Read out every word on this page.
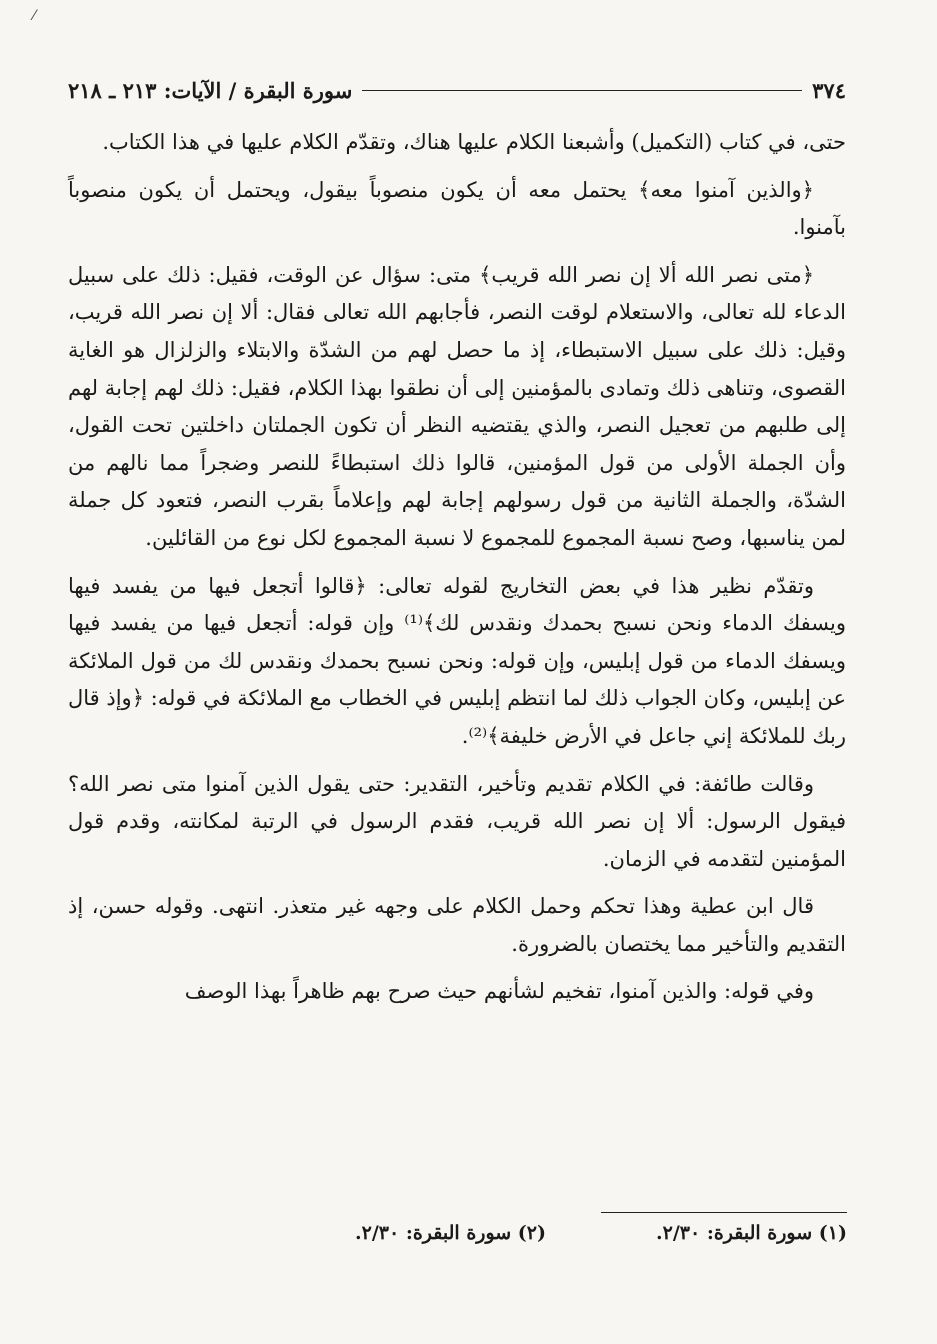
⁄
٣٧٤
سورة البقرة / الآيات: ٢١٣ ـ ٢١٨

حتى، في كتاب (التكميل) وأشبعنا الكلام عليها هناك، وتقدّم الكلام عليها في هذا الكتاب.

﴿والذين آمنوا معه﴾ يحتمل معه أن يكون منصوباً بيقول، ويحتمل أن يكون منصوباً بآمنوا.

﴿متى نصر الله ألا إن نصر الله قريب﴾ متى: سؤال عن الوقت، فقيل: ذلك على سبيل الدعاء لله تعالى، والاستعلام لوقت النصر، فأجابهم الله تعالى فقال: ألا إن نصر الله قريب، وقيل: ذلك على سبيل الاستبطاء، إذ ما حصل لهم من الشدّة والابتلاء والزلزال هو الغاية القصوى، وتناهى ذلك وتمادى بالمؤمنين إلى أن نطقوا بهذا الكلام، فقيل: ذلك لهم إجابة لهم إلى طلبهم من تعجيل النصر، والذي يقتضيه النظر أن تكون الجملتان داخلتين تحت القول، وأن الجملة الأولى من قول المؤمنين، قالوا ذلك استبطاءً للنصر وضجراً مما نالهم من الشدّة، والجملة الثانية من قول رسولهم إجابة لهم وإعلاماً بقرب النصر، فتعود كل جملة لمن يناسبها، وصح نسبة المجموع للمجموع لا نسبة المجموع لكل نوع من القائلين.

وتقدّم نظير هذا في بعض التخاريج لقوله تعالى: ﴿قالوا أتجعل فيها من يفسد فيها ويسفك الدماء ونحن نسبح بحمدك ونقدس لك﴾⁽¹⁾ وإن قوله: أتجعل فيها من يفسد فيها ويسفك الدماء من قول إبليس، وإن قوله: ونحن نسبح بحمدك ونقدس لك من قول الملائكة عن إبليس، وكان الجواب ذلك لما انتظم إبليس في الخطاب مع الملائكة في قوله: ﴿وإذ قال ربك للملائكة إني جاعل في الأرض خليفة﴾⁽²⁾.

وقالت طائفة: في الكلام تقديم وتأخير، التقدير: حتى يقول الذين آمنوا متى نصر الله؟ فيقول الرسول: ألا إن نصر الله قريب، فقدم الرسول في الرتبة لمكانته، وقدم قول المؤمنين لتقدمه في الزمان.

قال ابن عطية وهذا تحكم وحمل الكلام على وجهه غير متعذر. انتهى. وقوله حسن، إذ التقديم والتأخير مما يختصان بالضرورة.

وفي قوله: والذين آمنوا، تفخيم لشأنهم حيث صرح بهم ظاهراً بهذا الوصف

(١) سورة البقرة: ٢/٣٠.
(٢) سورة البقرة: ٢/٣٠.
